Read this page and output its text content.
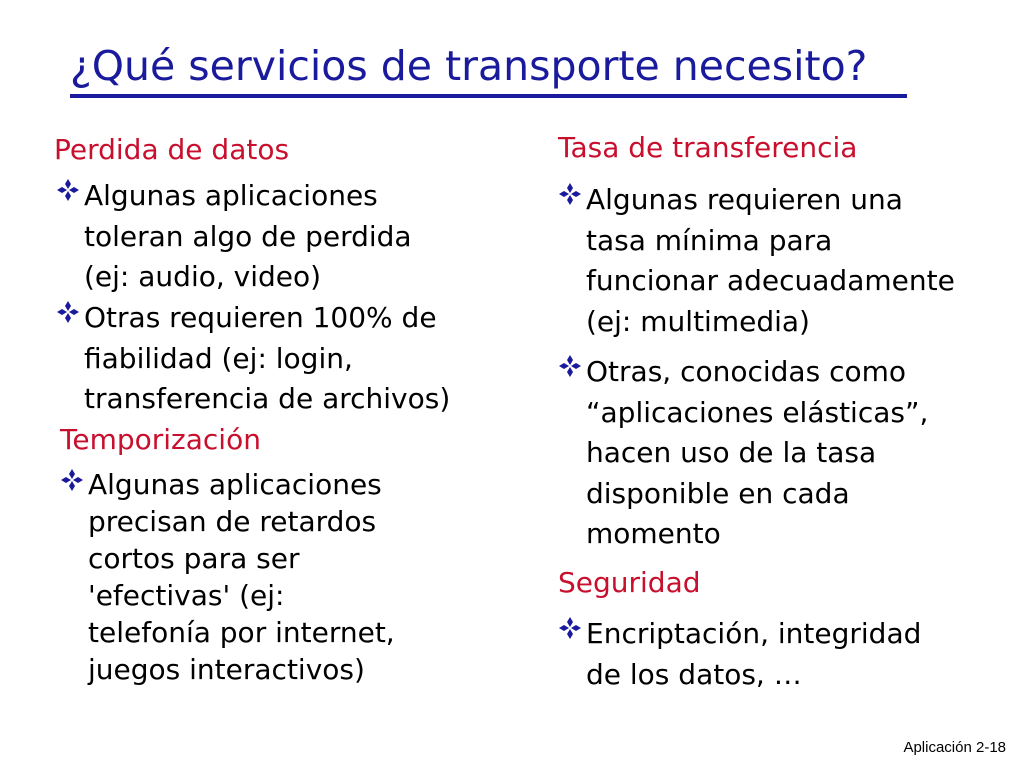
¿Qué servicios de transporte necesito?
Perdida de datos
Algunas aplicaciones
toleran algo de perdida
(ej: audio, video)
Otras requieren 100% de
fiabilidad (ej: login,
transferencia de archivos)
Temporización
Algunas aplicaciones
precisan de retardos
cortos para ser
'efectivas' (ej:
telefonía por internet,
juegos interactivos)
Tasa de transferencia
Algunas requieren una
tasa mínima para
funcionar adecuadamente
(ej: multimedia)
Otras, conocidas como
“aplicaciones elásticas”,
hacen uso de la tasa
disponible en cada
momento
Seguridad
Encriptación, integridad
de los datos, …
Aplicación 2-18
